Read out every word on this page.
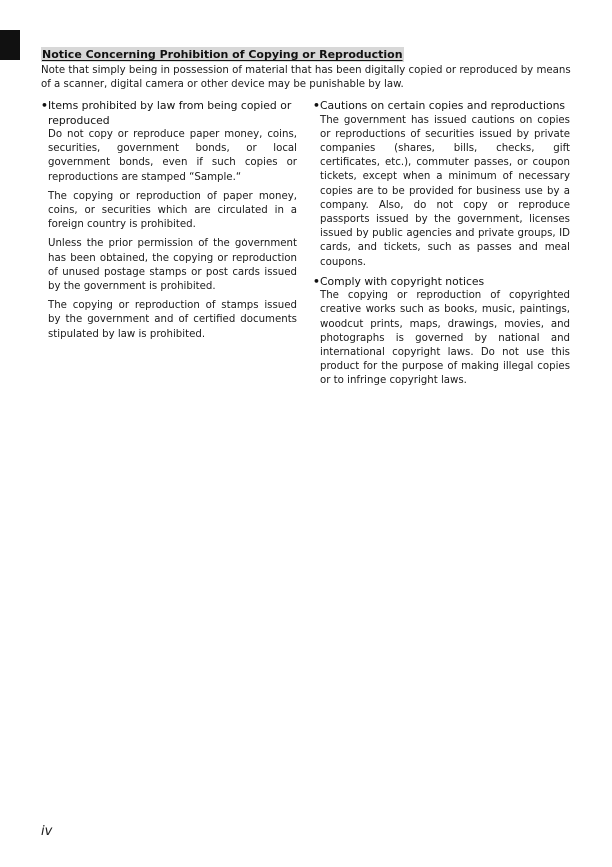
Notice Concerning Prohibition of Copying or Reproduction

Note that simply being in possession of material that has been digitally copied or reproduced by means of a scanner, digital camera or other device may be punishable by law.

• Items prohibited by law from being copied or reproduced

Do not copy or reproduce paper money, coins, securities, government bonds, or local government bonds, even if such copies or reproductions are stamped “Sample.“

The copying or reproduction of paper money, coins, or securities which are circulated in a foreign country is prohibited.

Unless the prior permission of the government has been obtained, the copying or reproduction of unused postage stamps or post cards issued by the government is prohibited.

The copying or reproduction of stamps issued by the government and of certified documents stipulated by law is prohibited.

• Cautions on certain copies and reproductions

The government has issued cautions on copies or reproductions of securities issued by private companies (shares, bills, checks, gift certificates, etc.), commuter passes, or coupon tickets, except when a minimum of necessary copies are to be provided for business use by a company. Also, do not copy or reproduce passports issued by the government, licenses issued by public agencies and private groups, ID cards, and tickets, such as passes and meal coupons.

• Comply with copyright notices

The copying or reproduction of copyrighted creative works such as books, music, paintings, woodcut prints, maps, drawings, movies, and photographs is governed by national and international copyright laws. Do not use this product for the purpose of making illegal copies or to infringe copyright laws.

iv
